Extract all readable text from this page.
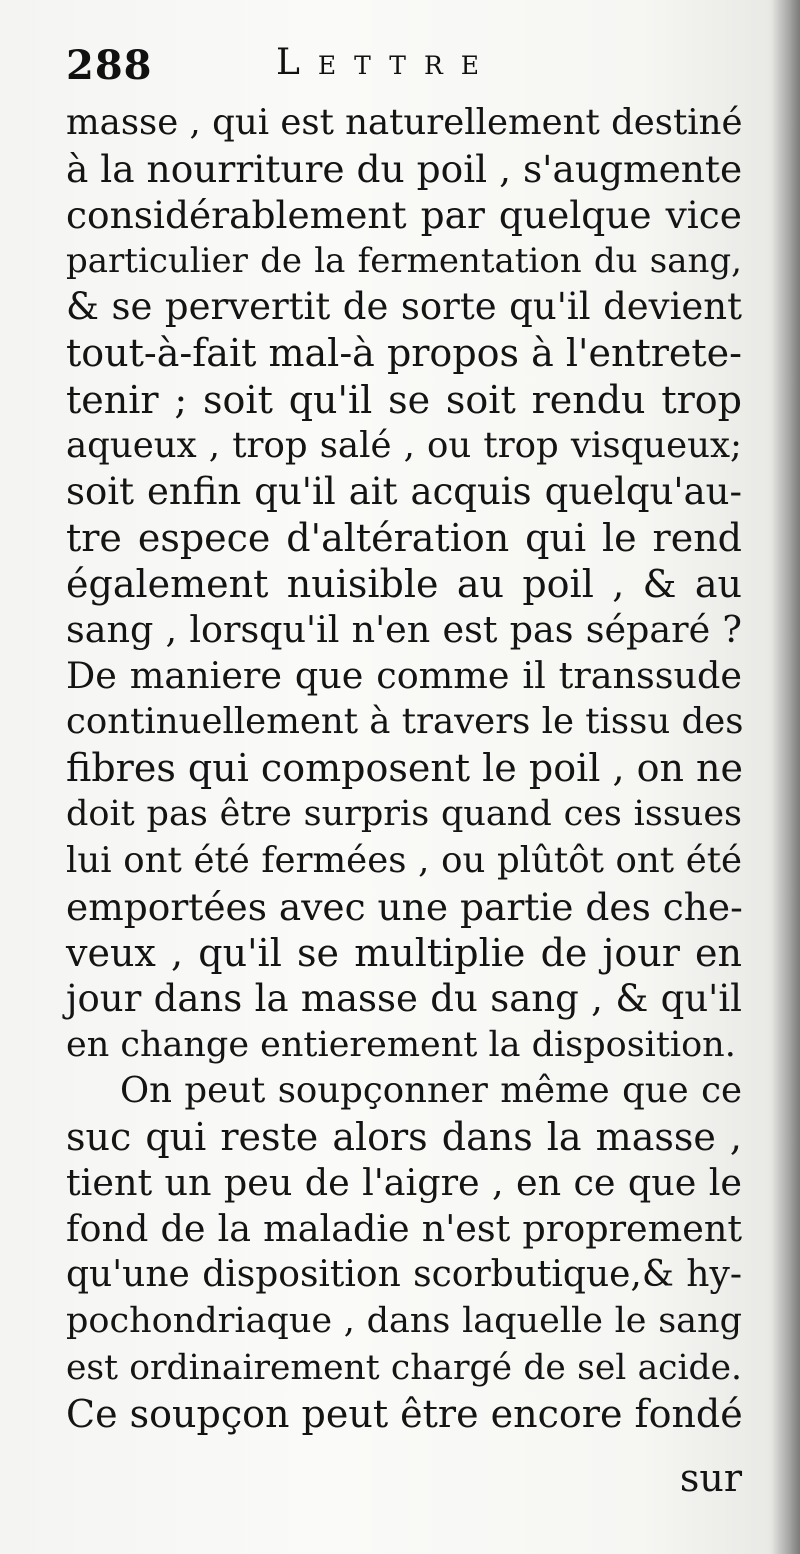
288	Lettre
masse , qui est naturellement destiné
à la nourriture du poil , s'augmente
considérablement par quelque vice
particulier de la fermentation du sang,
& se pervertit de sorte qu'il devient
tout-à-fait mal-à propos à l'entrete-
tenir ; soit qu'il se soit rendu trop
aqueux , trop salé , ou trop visqueux;
soit enfin qu'il ait acquis quelqu'au-
tre espece d'altération qui le rend
également nuisible au poil , & au
sang , lorsqu'il n'en est pas séparé ?
De maniere que comme il transsude
continuellement à travers le tissu des
fibres qui composent le poil , on ne
doit pas être surpris quand ces issues
lui ont été fermées , ou plûtôt ont été
emportées avec une partie des che-
veux , qu'il se multiplie de jour en
jour dans la masse du sang , & qu'il
en change entierement la disposition.
On peut soupçonner même que ce
suc qui reste alors dans la masse ,
tient un peu de l'aigre , en ce que le
fond de la maladie n'est proprement
qu'une disposition scorbutique,& hy-
pochondriaque , dans laquelle le sang
est ordinairement chargé de sel acide.
Ce soupçon peut être encore fondé
sur
